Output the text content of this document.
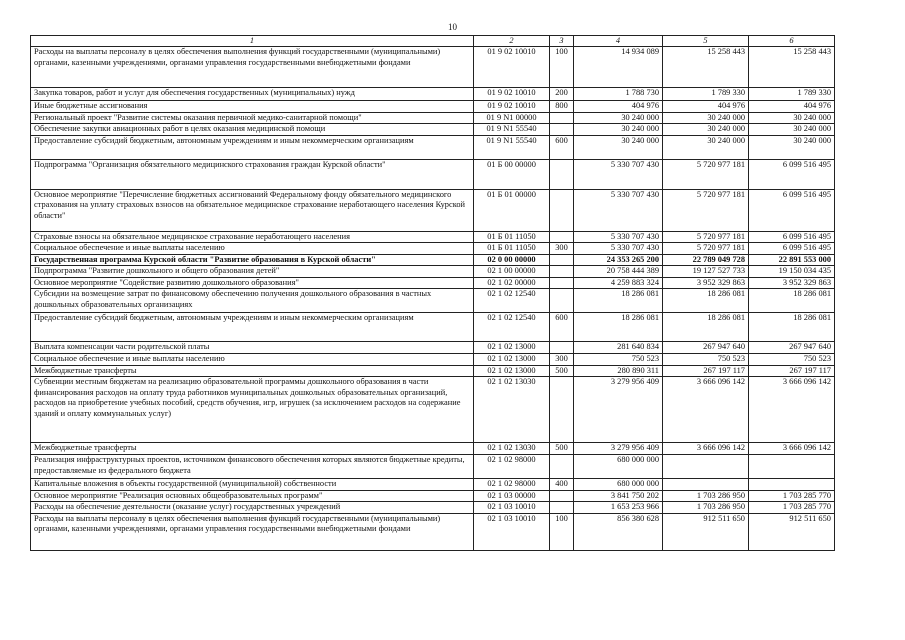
10
1	2	3	4	5	6
Расходы на выплаты персоналу в целях обеспечения выполнения функций государственными (муниципальными) органами, казенными учреждениями, органами управления государственными внебюджетными фондами	01 9 02 10010	100	14 934 089	15 258 443	15 258 443
Закупка товаров, работ и услуг для обеспечения государственных (муниципальных) нужд	01 9 02 10010	200	1 788 730	1 789 330	1 789 330
Иные бюджетные ассигнования	01 9 02 10010	800	404 976	404 976	404 976
Региональный проект "Развитие системы оказания первичной медико-санитарной помощи"	01 9 N1 00000		30 240 000	30 240 000	30 240 000
Обеспечение закупки авиационных работ в целях оказания медицинской помощи	01 9 N1 55540		30 240 000	30 240 000	30 240 000
Предоставление субсидий бюджетным, автономным учреждениям и иным некоммерческим организациям	01 9 N1 55540	600	30 240 000	30 240 000	30 240 000
Подпрограмма "Организация обязательного медицинского страхования граждан Курской области"	01 Б 00 00000		5 330 707 430	5 720 977 181	6 099 516 495
Основное мероприятие "Перечисление бюджетных ассигнований Федеральному фонду обязательного медицинского страхования на уплату страховых взносов на обязательное медицинское страхование неработающего населения Курской области"	01 Б 01 00000		5 330 707 430	5 720 977 181	6 099 516 495
Страховые взносы на обязательное медицинское страхование неработающего населения	01 Б 01 11050		5 330 707 430	5 720 977 181	6 099 516 495
Социальное обеспечение и иные выплаты населению	01 Б 01 11050	300	5 330 707 430	5 720 977 181	6 099 516 495
Государственная программа Курской области "Развитие образования в Курской области"	02 0 00 00000		24 353 265 200	22 789 049 728	22 891 553 000
Подпрограмма "Развитие дошкольного и общего образования детей"	02 1 00 00000		20 758 444 389	19 127 527 733	19 150 034 435
Основное мероприятие "Содействие развитию дошкольного образования"	02 1 02 00000		4 259 883 324	3 952 329 863	3 952 329 863
Субсидии на возмещение затрат по финансовому обеспечению получения дошкольного образования в частных дошкольных образовательных организациях	02 1 02 12540		18 286 081	18 286 081	18 286 081
Предоставление субсидий бюджетным, автономным учреждениям и иным некоммерческим организациям	02 1 02 12540	600	18 286 081	18 286 081	18 286 081
Выплата компенсации части родительской платы	02 1 02 13000		281 640 834	267 947 640	267 947 640
Социальное обеспечение и иные выплаты населению	02 1 02 13000	300	750 523	750 523	750 523
Межбюджетные трансферты	02 1 02 13000	500	280 890 311	267 197 117	267 197 117
Субвенции местным бюджетам на реализацию образовательной программы дошкольного образования в части финансирования расходов на оплату труда работников муниципальных дошкольных образовательных организаций, расходов на приобретение учебных пособий, средств обучения, игр, игрушек (за исключением расходов на содержание зданий и оплату коммунальных услуг)	02 1 02 13030		3 279 956 409	3 666 096 142	3 666 096 142
Межбюджетные трансферты	02 1 02 13030	500	3 279 956 409	3 666 096 142	3 666 096 142
Реализация инфраструктурных проектов, источником финансового обеспечения которых являются бюджетные кредиты, предоставляемые из федерального бюджета	02 1 02 98000		680 000 000		
Капитальные вложения в объекты государственной (муниципальной) собственности	02 1 02 98000	400	680 000 000		
Основное мероприятие "Реализация основных общеобразовательных программ"	02 1 03 00000		3 841 750 202	1 703 286 950	1 703 285 770
Расходы на обеспечение деятельности (оказание услуг) государственных учреждений	02 1 03 10010		1 653 253 966	1 703 286 950	1 703 285 770
Расходы на выплаты персоналу в целях обеспечения выполнения функций государственными (муниципальными) органами, казенными учреждениями, органами управления государственными внебюджетными фондами	02 1 03 10010	100	856 380 628	912 511 650	912 511 650
